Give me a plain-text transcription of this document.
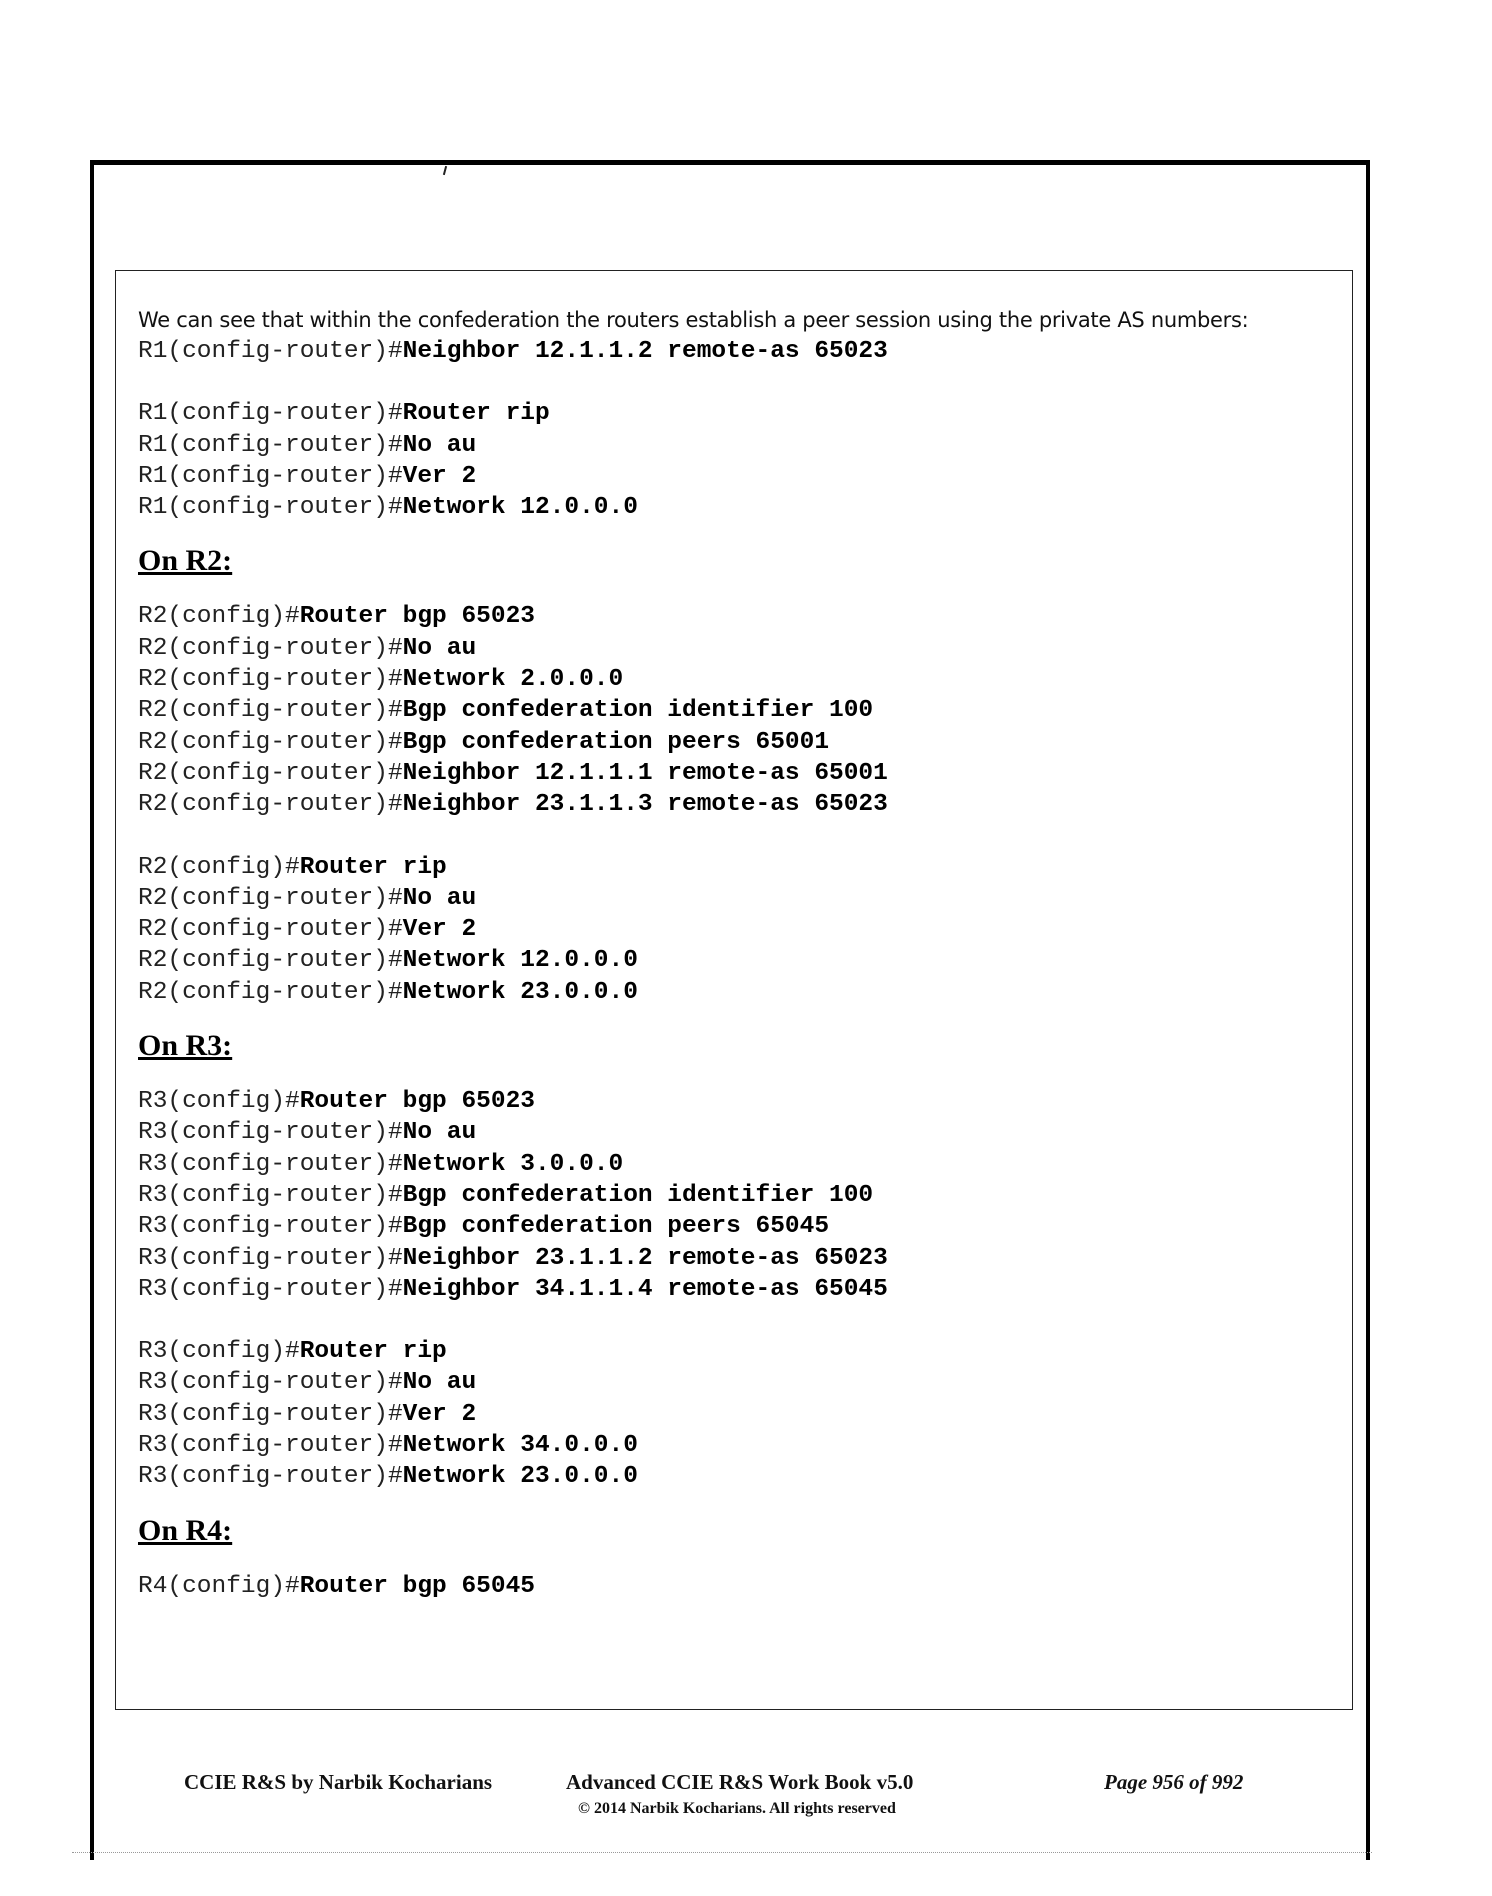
We can see that within the confederation the routers establish a peer session using the private AS numbers:

R1(config-router)#Neighbor 12.1.1.2 remote-as 65023
R1(config-router)#Router rip
R1(config-router)#No au
R1(config-router)#Ver 2
R1(config-router)#Network 12.0.0.0
On R2:
R2(config)#Router bgp 65023
R2(config-router)#No au
R2(config-router)#Network 2.0.0.0
R2(config-router)#Bgp confederation identifier 100
R2(config-router)#Bgp confederation peers 65001
R2(config-router)#Neighbor 12.1.1.1 remote-as 65001
R2(config-router)#Neighbor 23.1.1.3 remote-as 65023
R2(config)#Router rip
R2(config-router)#No au
R2(config-router)#Ver 2
R2(config-router)#Network 12.0.0.0
R2(config-router)#Network 23.0.0.0
On R3:
R3(config)#Router bgp 65023
R3(config-router)#No au
R3(config-router)#Network 3.0.0.0
R3(config-router)#Bgp confederation identifier 100
R3(config-router)#Bgp confederation peers 65045
R3(config-router)#Neighbor 23.1.1.2 remote-as 65023
R3(config-router)#Neighbor 34.1.1.4 remote-as 65045
R3(config)#Router rip
R3(config-router)#No au
R3(config-router)#Ver 2
R3(config-router)#Network 34.0.0.0
R3(config-router)#Network 23.0.0.0
On R4:
R4(config)#Router bgp 65045
CCIE R&S by Narbik Kocharians	Advanced CCIE R&S Work Book v5.0
© 2014 Narbik Kocharians. All rights reserved
Page 956 of 992
